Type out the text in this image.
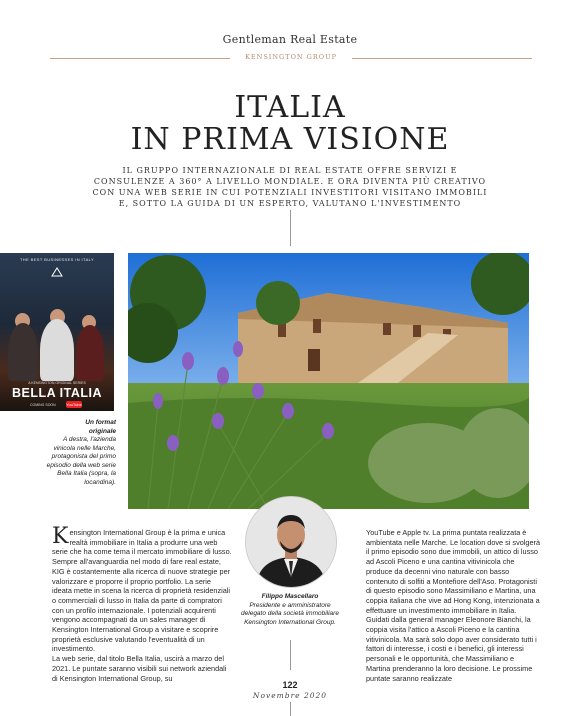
Gentleman Real Estate
KENSINGTON GROUP
ITALIA
IN PRIMA VISIONE
IL GRUPPO INTERNAZIONALE DI REAL ESTATE OFFRE SERVIZI E CONSULENZE A 360° A LIVELLO MONDIALE. E ORA DIVENTA PIÙ CREATIVO CON UNA WEB SERIE IN CUI POTENZIALI INVESTITORI VISITANO IMMOBILI E, SOTTO LA GUIDA DI UN ESPERTO, VALUTANO L'INVESTIMENTO
THE BEST BUSINESSES IN ITALY
A KENSINGTON ORIGINAL SERIES
BELLA ITALIA
COMING SOON	YouTube
Un format
originale
A destra, l'azienda vinicola nelle Marche, protagonista del primo episodio della web serie Bella Italia (sopra, la locandina).
Kensington International Group è la prima e unica realtà immobiliare in Italia a produrre una web serie che ha come tema il mercato immobiliare di lusso. Sempre all'avanguardia nel modo di fare real estate, KIG è costantemente alla ricerca di nuove strategie per valorizzare e proporre il proprio portfolio. La serie ideata mette in scena la ricerca di proprietà residenziali o commerciali di lusso in Italia da parte di compratori con un profilo internazionale. I potenziali acquirenti vengono accompagnati da un sales manager di Kensington International Group a visitare e scoprire proprietà esclusive valutando l'eventualità di un investimento.
La web serie, dal titolo Bella Italia, uscirà a marzo del 2021. Le puntate saranno visibili sui network aziendali di Kensington International Group, su
Filippo Mascellaro
Presidente e amministratore delegato della società immobiliare Kensington International Group.
YouTube e Apple tv. La prima puntata realizzata è ambientata nelle Marche. Le location dove si svolgerà il primo episodio sono due immobili, un attico di lusso ad Ascoli Piceno e una cantina vitivinicola che produce da decenni vino naturale con basso contenuto di solfiti a Montefiore dell'Aso. Protagonisti di questo episodio sono Massimiliano e Martina, una coppia italiana che vive ad Hong Kong, intenzionata a effettuare un investimento immobiliare in Italia. Guidati dalla general manager Eleonore Bianchi, la coppia visita l'attico a Ascoli Piceno e la cantina vitivinicola. Ma sarà solo dopo aver considerato tutti i fattori di interesse, i costi e i benefici, gli interessi personali e le opportunità, che Massimiliano e Martina prenderanno la loro decisione. Le prossime puntate saranno realizzate
122
Novembre 2020
